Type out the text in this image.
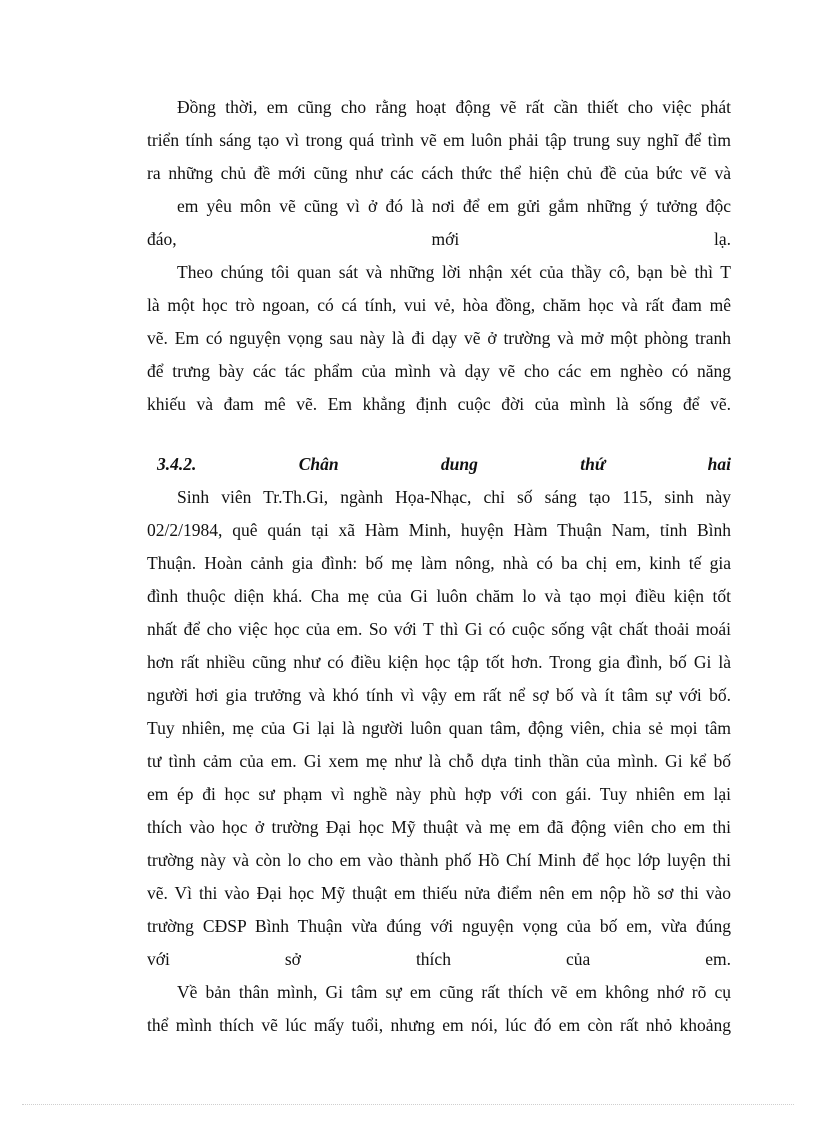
Đồng thời, em cũng cho rằng hoạt động vẽ rất cần thiết cho việc phát
triển tính sáng tạo vì trong quá trình vẽ em luôn phải tập trung suy nghĩ để tìm
ra những chủ đề mới cũng như các cách thức thể hiện chủ đề của bức vẽ và
em yêu môn vẽ cũng vì ở đó là nơi để em gửi gắm những ý tưởng độc
đáo, mới lạ.
Theo chúng tôi quan sát và những lời nhận xét của thầy cô, bạn bè thì T
là một học trò ngoan, có cá tính, vui vẻ, hòa đồng, chăm học và rất đam mê
vẽ. Em có nguyện vọng sau này là đi dạy vẽ ở trường và mở một phòng tranh
để trưng bày các tác phẩm của mình và dạy vẽ cho các em nghèo có năng
khiếu và đam mê vẽ. Em khẳng định cuộc đời của mình là sống để vẽ.
3.4.2. Chân dung thứ hai
Sinh viên Tr.Th.Gi, ngành Họa-Nhạc, chỉ số sáng tạo 115, sinh này
02/2/1984, quê quán tại xã Hàm Minh, huyện Hàm Thuận Nam, tỉnh Bình
Thuận. Hoàn cảnh gia đình: bố mẹ làm nông, nhà có ba chị em, kinh tế gia
đình thuộc diện khá. Cha mẹ của Gi luôn chăm lo và tạo mọi điều kiện tốt
nhất để cho việc học của em. So với T thì Gi có cuộc sống vật chất thoải moái
hơn rất nhiều cũng như có điều kiện học tập tốt hơn. Trong gia đình, bố Gi là
người hơi gia trưởng và khó tính vì vậy em rất nể sợ bố và ít tâm sự với bố.
Tuy nhiên, mẹ của Gi lại là người luôn quan tâm, động viên, chia sẻ mọi tâm
tư tình cảm của em. Gi xem mẹ như là chỗ dựa tinh thần của mình. Gi kể bố
em ép đi học sư phạm vì nghề này phù hợp với con gái. Tuy nhiên em lại
thích vào học ở trường Đại học Mỹ thuật và mẹ em đã động viên cho em thi
trường này và còn lo cho em vào thành phố Hồ Chí Minh để học lớp luyện thi
vẽ. Vì thi vào Đại học Mỹ thuật em thiếu nửa điểm nên em nộp hồ sơ thi vào
trường CĐSP Bình Thuận vừa đúng với nguyện vọng của bố em, vừa đúng
với sở thích của em.
Về bản thân mình, Gi tâm sự em cũng rất thích vẽ em không nhớ rõ cụ
thể mình thích vẽ lúc mấy tuổi, nhưng em nói, lúc đó em còn rất nhỏ khoảng
